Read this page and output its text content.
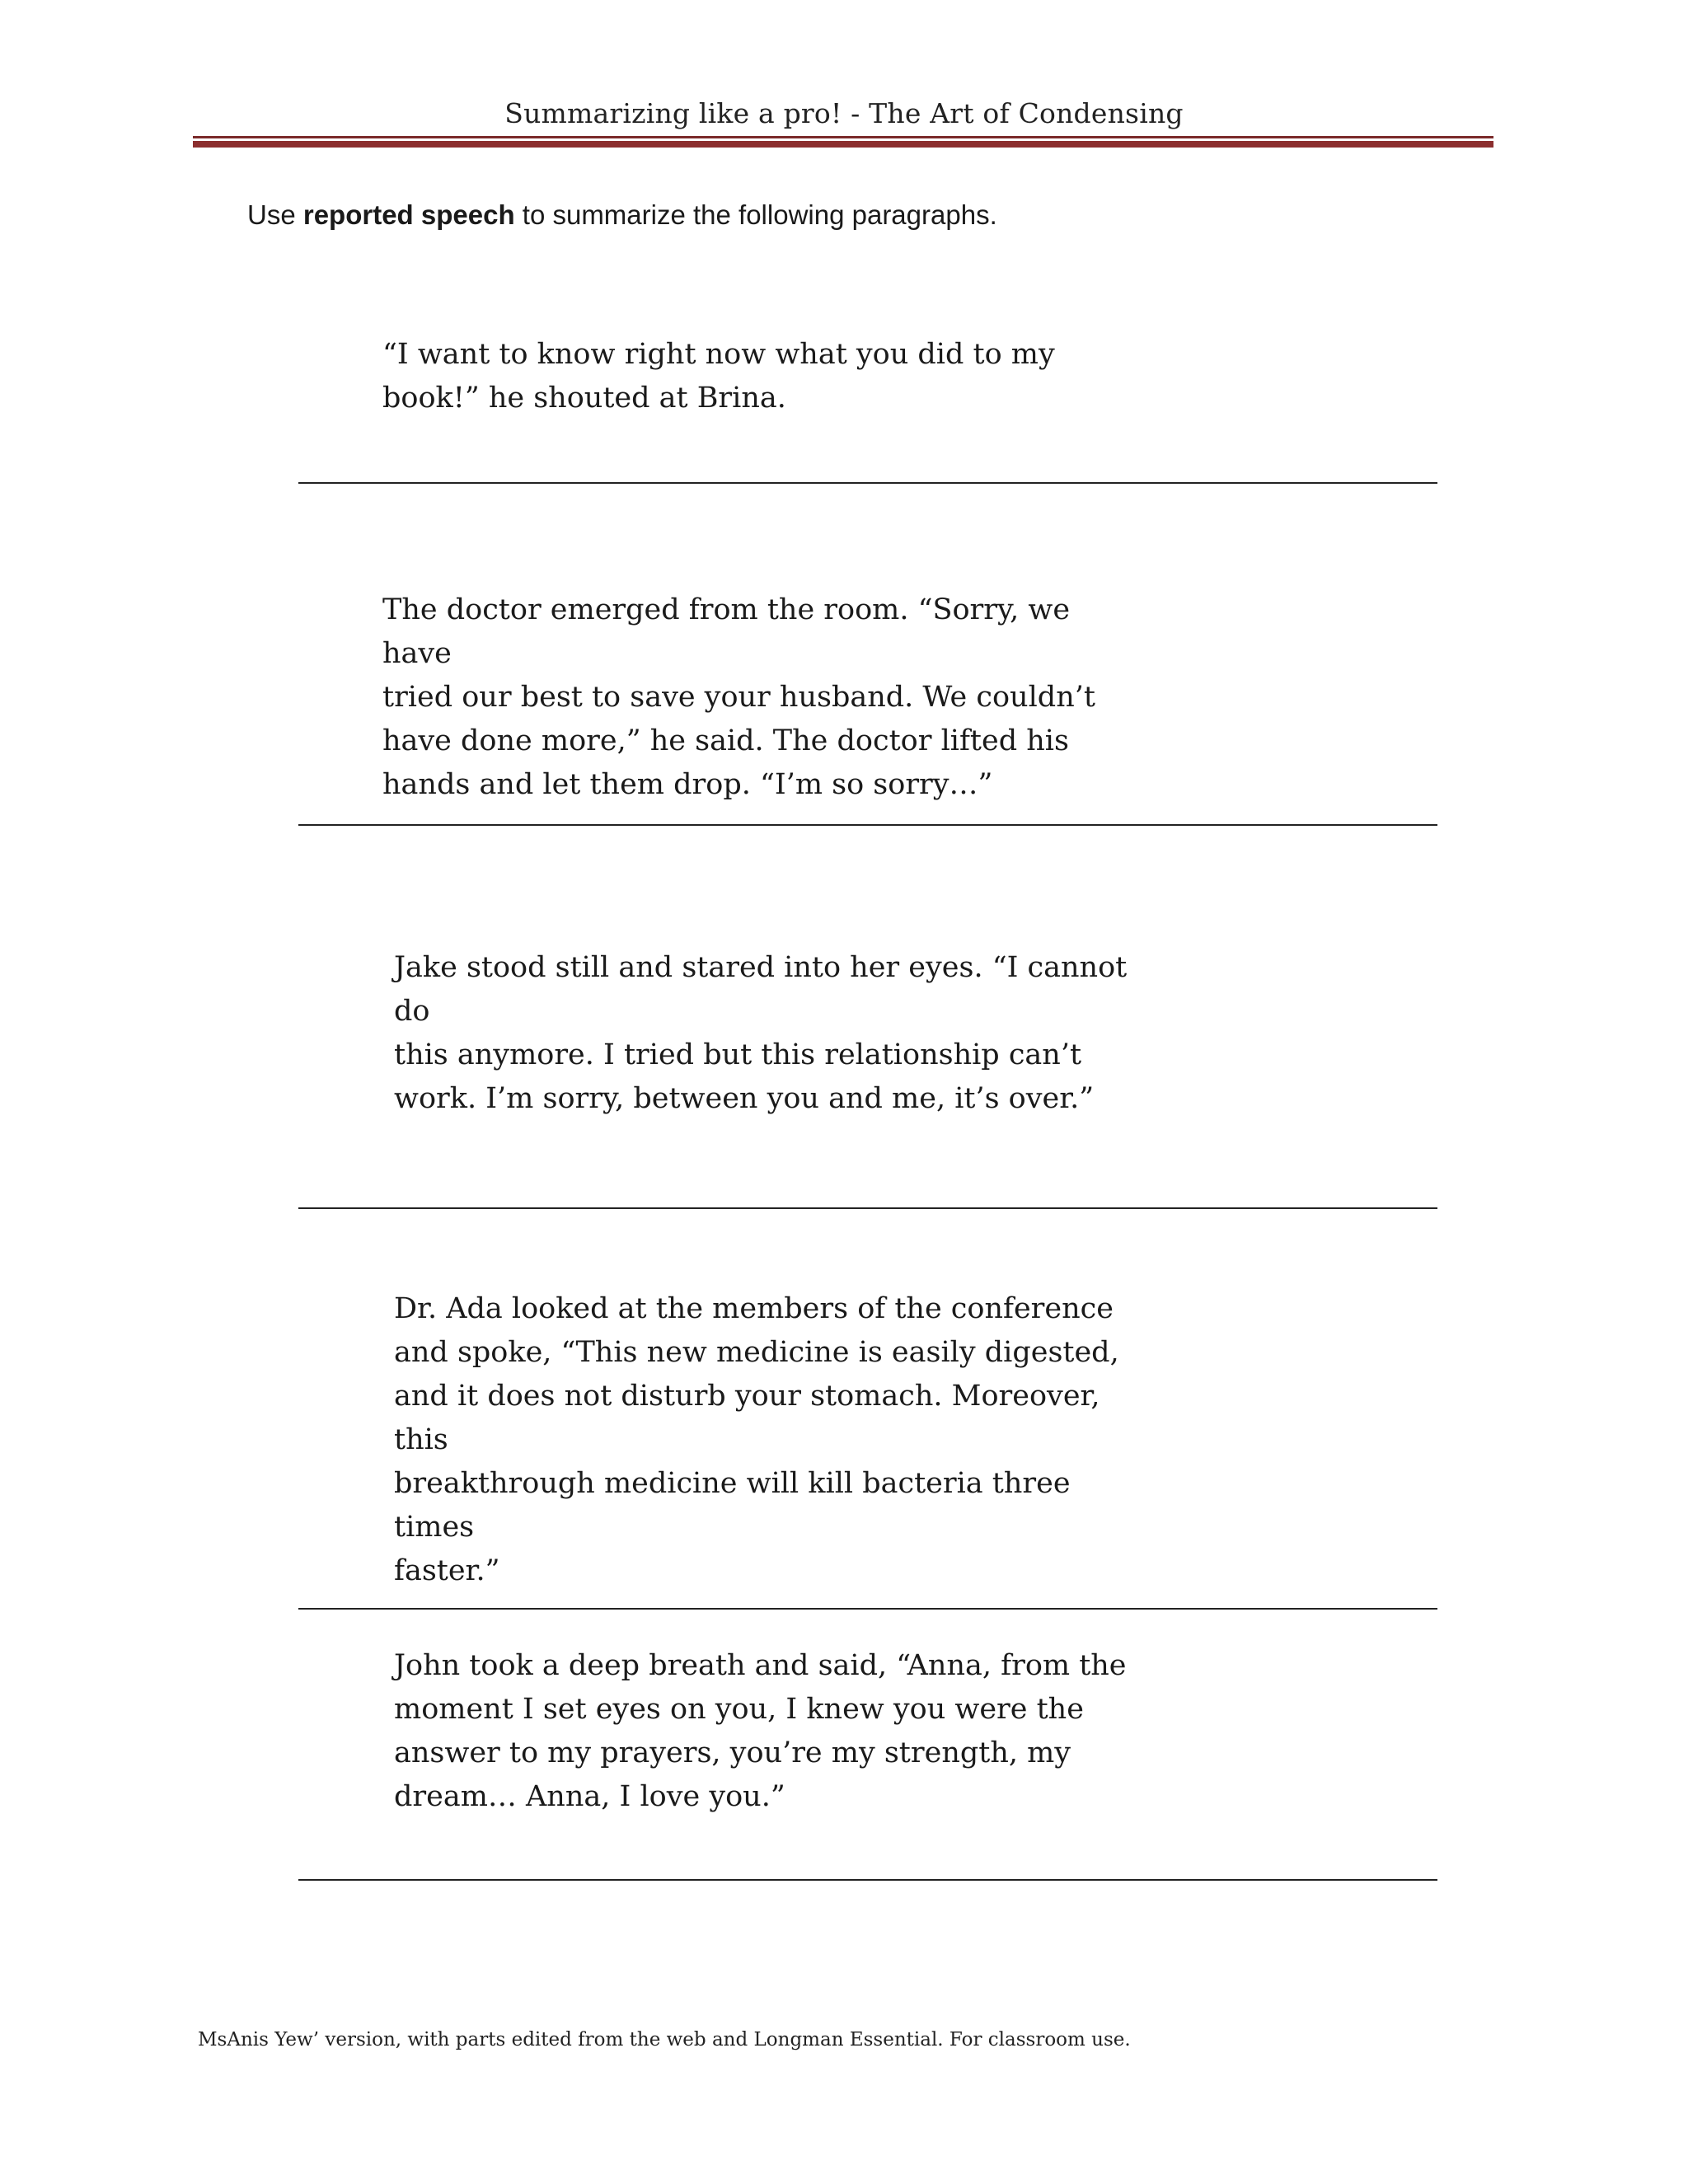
Summarizing like a pro! - The Art of Condensing
Use reported speech to summarize the following paragraphs.
“I want to know right now what you did to my
book!” he shouted at Brina.
The doctor emerged from the room. “Sorry, we have
tried our best to save your husband. We couldn’t
have done more,” he said. The doctor lifted his
hands and let them drop. “I’m so sorry…”
Jake stood still and stared into her eyes. “I cannot do
this anymore. I tried but this relationship can’t
work. I’m sorry, between you and me, it’s over.”
Dr. Ada looked at the members of the conference
and spoke, “This new medicine is easily digested,
and it does not disturb your stomach. Moreover, this
breakthrough medicine will kill bacteria three times
faster.”
John took a deep breath and said, “Anna, from the
moment I set eyes on you, I knew you were the
answer to my prayers, you’re my strength, my
dream… Anna, I love you.”
MsAnis Yew’ version, with parts edited from the web and Longman Essential. For classroom use.
